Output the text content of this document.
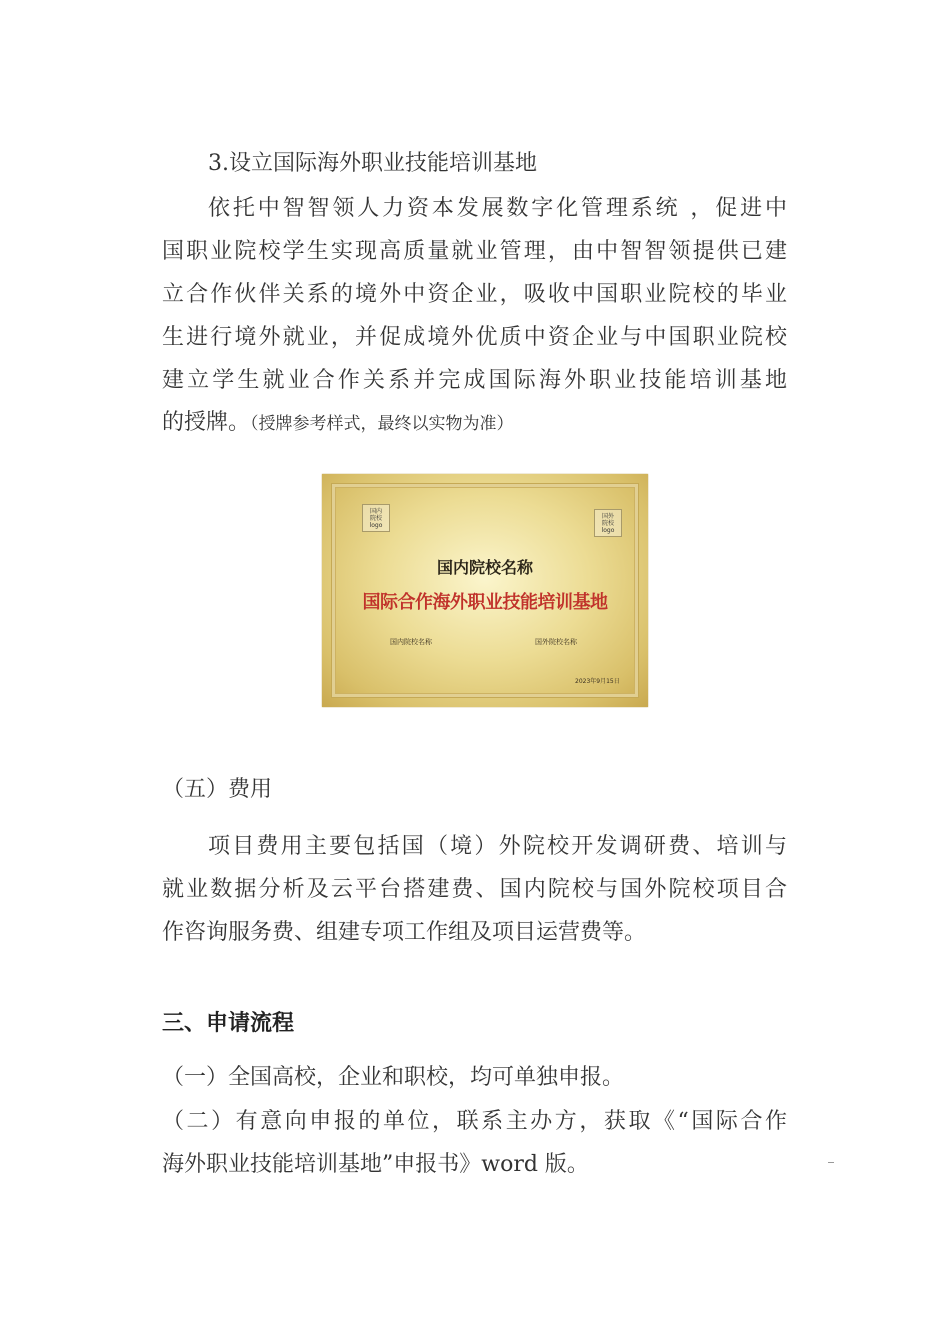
3.设立国际海外职业技能培训基地
依托中智智领人力资本发展数字化管理系统 ，促进中
国职业院校学生实现高质量就业管理，由中智智领提供已建
立合作伙伴关系的境外中资企业，吸收中国职业院校的毕业
生进行境外就业，并促成境外优质中资企业与中国职业院校
建立学生就业合作关系并完成国际海外职业技能培训基地
的授牌。（授牌参考样式，最终以实物为准）
国内
院校
logo
国外
院校
logo
国内院校名称
国际合作海外职业技能培训基地
国内院校名称	国外院校名称
2023年9月15日
（五）费用
项目费用主要包括国（境）外院校开发调研费、培训与
就业数据分析及云平台搭建费、国内院校与国外院校项目合
作咨询服务费、组建专项工作组及项目运营费等。
三、申请流程
（一）全国高校，企业和职校，均可单独申报。
（二）有意向申报的单位，联系主办方，获取《“国际合作
海外职业技能培训基地”申报书》word 版。
